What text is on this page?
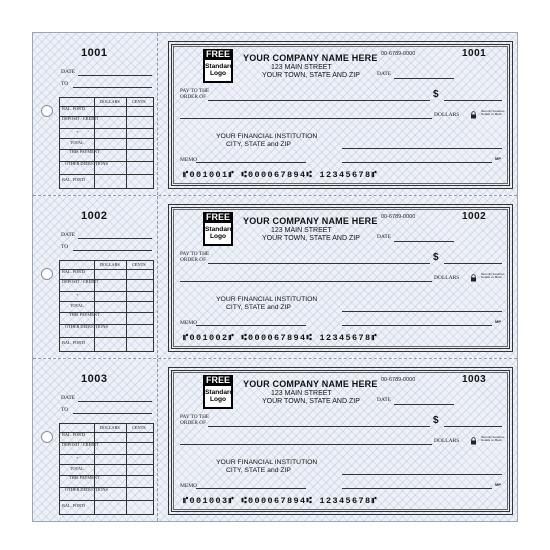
1001
DATE
TO
DOLLARS	CENTS
BAL. FOR'D
DEPOSIT / CREDIT
+
TOTAL
THIS PAYMENT
OTHER DEDUCTIONS
BAL. FOR'D
FREE
Standard
Logo
YOUR COMPANY NAME HERE
123 MAIN STREET
YOUR TOWN, STATE AND ZIP
00-6789-0000	1001
DATE
PAY TO THE
ORDER OF	$
DOLLARS
Security Features
Details on Back
YOUR FINANCIAL INSTITUTION
CITY, STATE and ZIP
MEMO	MP
⑈001001⑈ ⑆000067894⑆ 12345678⑈
1002
DATE
TO
DOLLARS	CENTS
BAL. FOR'D
DEPOSIT / CREDIT
+
TOTAL
THIS PAYMENT
OTHER DEDUCTIONS
BAL. FOR'D
FREE
Standard
Logo
YOUR COMPANY NAME HERE
123 MAIN STREET
YOUR TOWN, STATE AND ZIP
00-6789-0000	1002
DATE
PAY TO THE
ORDER OF	$
DOLLARS
Security Features
Details on Back
YOUR FINANCIAL INSTITUTION
CITY, STATE and ZIP
MEMO	MP
⑈001002⑈ ⑆000067894⑆ 12345678⑈
1003
DATE
TO
DOLLARS	CENTS
BAL. FOR'D
DEPOSIT / CREDIT
+
TOTAL
THIS PAYMENT
OTHER DEDUCTIONS
BAL. FOR'D
FREE
Standard
Logo
YOUR COMPANY NAME HERE
123 MAIN STREET
YOUR TOWN, STATE AND ZIP
00-6789-0000	1003
DATE
PAY TO THE
ORDER OF	$
DOLLARS
Security Features
Details on Back
YOUR FINANCIAL INSTITUTION
CITY, STATE and ZIP
MEMO	MP
⑈001003⑈ ⑆000067894⑆ 12345678⑈
